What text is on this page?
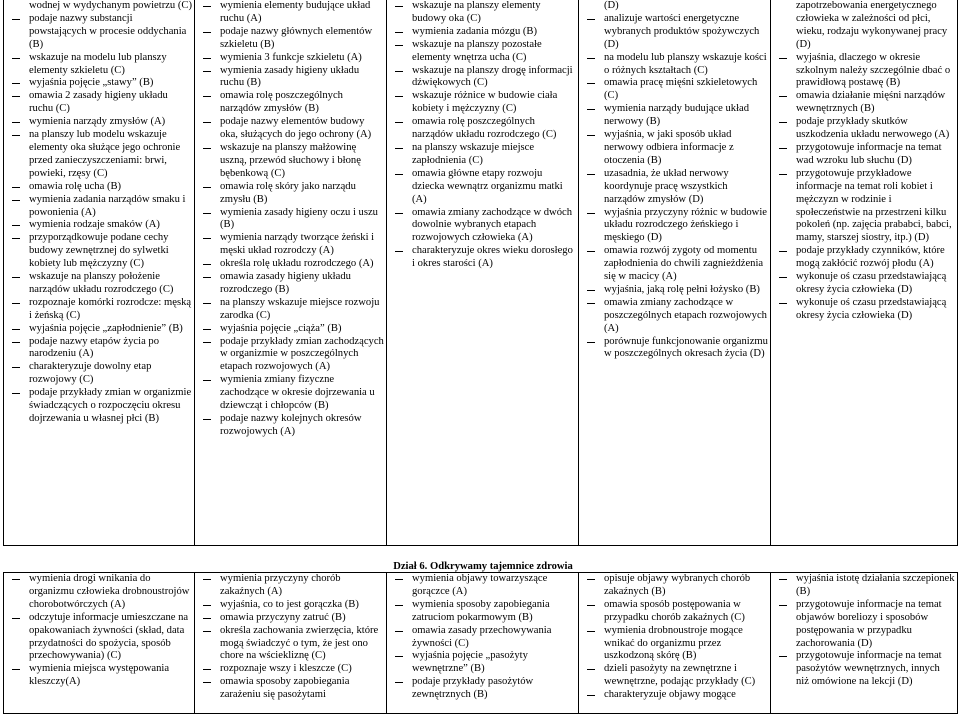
wodnej w wydychanym powietrzu (C)
podaje nazwy substancji powstających w procesie oddychania (B)
wskazuje na modelu lub planszy elementy szkieletu (C)
wyjaśnia pojęcie „stawy” (B)
omawia 2 zasady higieny układu ruchu (C)
wymienia narządy zmysłów (A)
na planszy lub modelu wskazuje elementy oka służące jego ochronie przed zanieczyszczeniami: brwi, powieki, rzęsy (C)
omawia rolę ucha (B)
wymienia zadania narządów smaku i powonienia (A)
wymienia rodzaje smaków (A)
przyporządkowuje podane cechy budowy zewnętrznej do sylwetki kobiety lub mężczyzny (C)
wskazuje na planszy położenie narządów układu rozrodczego (C)
rozpoznaje komórki rozrodcze: męską i żeńską (C)
wyjaśnia pojęcie „zapłodnienie” (B)
podaje nazwy etapów życia po narodzeniu (A)
charakteryzuje dowolny etap rozwojowy (C)
podaje przykłady zmian w organizmie świadczących o rozpoczęciu okresu dojrzewania u własnej płci (B)

wymienia elementy budujące układ ruchu (A)
podaje nazwy głównych elementów szkieletu (B)
wymienia 3 funkcje szkieletu (A)
wymienia zasady higieny układu ruchu (B)
omawia rolę poszczególnych narządów zmysłów (B)
podaje nazwy elementów budowy oka, służących do jego ochrony (A)
wskazuje na planszy małżowinę uszną, przewód słuchowy i błonę bębenkową (C)
omawia rolę skóry jako narządu zmysłu (B)
wymienia zasady higieny oczu i uszu (B)
wymienia narządy tworzące żeński i męski układ rozrodczy (A)
określa rolę układu rozrodczego (A)
omawia zasady higieny układu rozrodczego (B)
na planszy wskazuje miejsce rozwoju zarodka (C)
wyjaśnia pojęcie „ciąża” (B)
podaje przykłady zmian zachodzących w organizmie w poszczególnych etapach rozwojowych (A)
wymienia zmiany fizyczne zachodzące w okresie dojrzewania u dziewcząt i chłopców (B)
podaje nazwy kolejnych okresów rozwojowych (A)

wskazuje na planszy elementy budowy oka (C)
wymienia zadania mózgu (B)
wskazuje na planszy pozostałe elementy wnętrza ucha (C)
wskazuje na planszy drogę informacji dźwiękowych (C)
wskazuje różnice w budowie ciała kobiety i mężczyzny (C)
omawia rolę poszczególnych narządów układu rozrodczego (C)
na planszy wskazuje miejsce zapłodnienia (C)
omawia główne etapy rozwoju dziecka wewnątrz organizmu matki (A)
omawia zmiany zachodzące w dwóch dowolnie wybranych etapach rozwojowych człowieka (A)
charakteryzuje okres wieku dorosłego i okres starości (A)

(D)
analizuje wartości energetyczne wybranych produktów spożywczych (D)
na modelu lub planszy wskazuje kości o różnych kształtach (C)
omawia pracę mięśni szkieletowych (C)
wymienia narządy budujące układ nerwowy (B)
wyjaśnia, w jaki sposób układ nerwowy odbiera informacje z otoczenia (B)
uzasadnia, że układ nerwowy koordynuje pracę wszystkich narządów zmysłów (D)
wyjaśnia przyczyny różnic w budowie układu rozrodczego żeńskiego i męskiego (D)
omawia rozwój zygoty od momentu zapłodnienia do chwili zagnieżdżenia się w macicy (A)
wyjaśnia, jaką rolę pełni łożysko (B)
omawia zmiany zachodzące w poszczególnych etapach rozwojowych (A)
porównuje funkcjonowanie organizmu w poszczególnych okresach życia (D)

zapotrzebowania energetycznego człowieka w zależności od płci, wieku, rodzaju wykonywanej pracy (D)
wyjaśnia, dlaczego w okresie szkolnym należy szczególnie dbać o prawidłową postawę (B)
omawia działanie mięśni narządów wewnętrznych (B)
podaje przykłady skutków uszkodzenia układu nerwowego (A)
przygotowuje informacje na temat wad wzroku lub słuchu (D)
przygotowuje przykładowe informacje na temat roli kobiet i mężczyzn w rodzinie i społeczeństwie na przestrzeni kilku pokoleń (np. zajęcia prababci, babci, mamy, starszej siostry, itp.) (D)
podaje przykłady czynników, które mogą zakłócić rozwój płodu (A)
wykonuje oś czasu przedstawiającą okresy życia człowieka (D)
wykonuje oś czasu przedstawiającą okresy życia człowieka (D)
Dział 6. Odkrywamy tajemnice zdrowia
wymienia drogi wnikania do organizmu człowieka drobnoustrojów chorobotwórczych (A)
odczytuje informacje umieszczane na opakowaniach żywności (skład, data przydatności do spożycia, sposób przechowywania) (C)
wymienia miejsca występowania kleszczy(A)

wymienia przyczyny chorób zakaźnych (A)
wyjaśnia, co to jest gorączka (B)
omawia przyczyny zatruć (B)
określa zachowania zwierzęcia, które mogą świadczyć o tym, że jest ono chore na wściekliznę (C)
rozpoznaje wszy i kleszcze (C)
omawia sposoby zapobiegania zarażeniu się pasożytami

wymienia objawy towarzyszące gorączce (A)
wymienia sposoby zapobiegania zatruciom pokarmowym (B)
omawia zasady przechowywania żywności (C)
wyjaśnia pojęcie „pasożyty wewnętrzne” (B)
podaje przykłady pasożytów zewnętrznych (B)

opisuje objawy wybranych chorób zakaźnych (B)
omawia sposób postępowania w przypadku chorób zakaźnych (C)
wymienia drobnoustroje mogące wnikać do organizmu przez uszkodzoną skórę (B)
dzieli pasożyty na zewnętrzne i wewnętrzne, podając przykłady (C)
charakteryzuje objawy mogące

wyjaśnia istotę działania szczepionek (B)
przygotowuje informacje na temat objawów boreliozy i sposobów postępowania w przypadku zachorowania (D)
przygotowuje informacje na temat pasożytów wewnętrznych, innych niż omówione na lekcji (D)
